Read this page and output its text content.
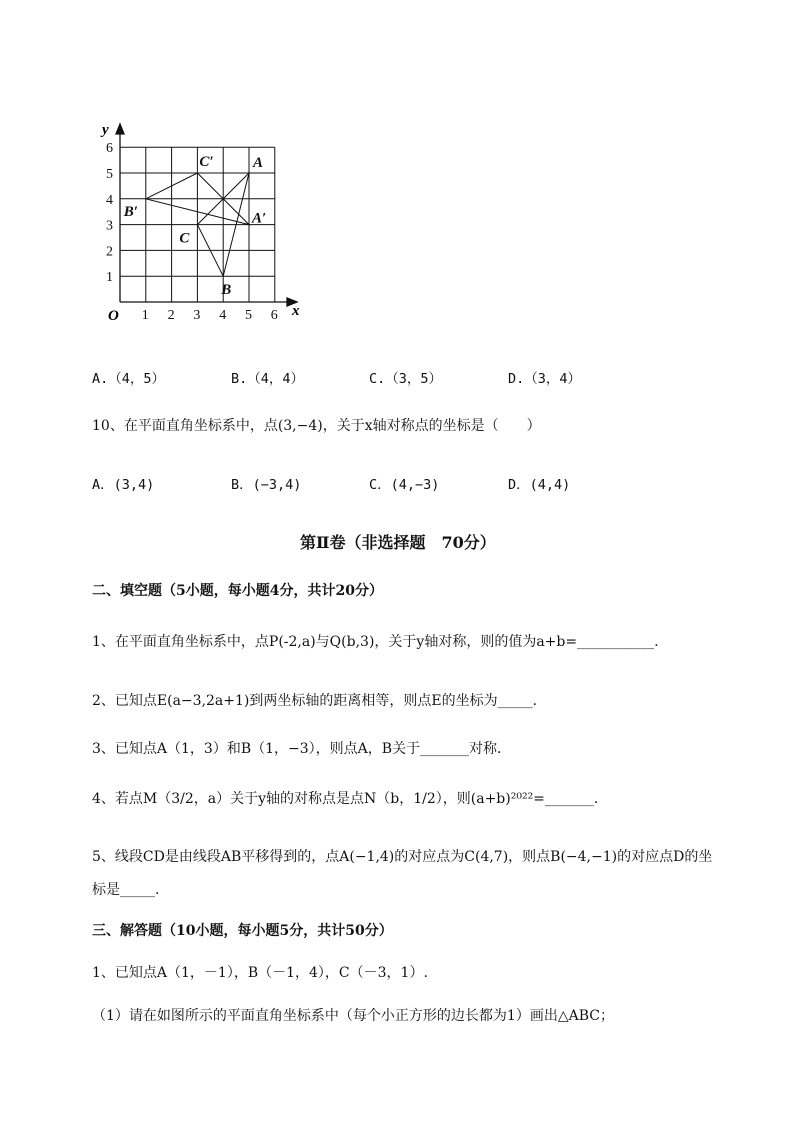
y
x
O 1 2 3 4 5 6
1
2
3
4
5
6
A
B
C
A′
B′
C′
A.（4，5）	B.（4，4）	C.（3，5）	D.（3，4）
10、在平面直角坐标系中，点(3,−4)，关于x轴对称点的坐标是（　　）
A．(3,4)	B．(−3,4)	C．(4,−3)	D．(4,4)
第Ⅱ卷（非选择题　70分）
二、填空题（5小题，每小题4分，共计20分）
1、在平面直角坐标系中，点P(-2,a)与Q(b,3)，关于y轴对称，则的值为a+b=___________.
2、已知点E(a−3,2a+1)到两坐标轴的距离相等，则点E的坐标为_____.
3、已知点A（1，3）和B（1，−3），则点A，B关于_______对称．
4、若点M（3/2，a）关于y轴的对称点是点N（b，1/2），则(a+b)²⁰²²=_______.
5、线段CD是由线段AB平移得到的，点A(−1,4)的对应点为C(4,7)，则点B(−4,−1)的对应点D的坐
标是_____.
三、解答题（10小题，每小题5分，共计50分）
1、已知点A（1，－1），B（－1，4），C（－3，1）.
（1）请在如图所示的平面直角坐标系中（每个小正方形的边长都为1）画出△ABC；
